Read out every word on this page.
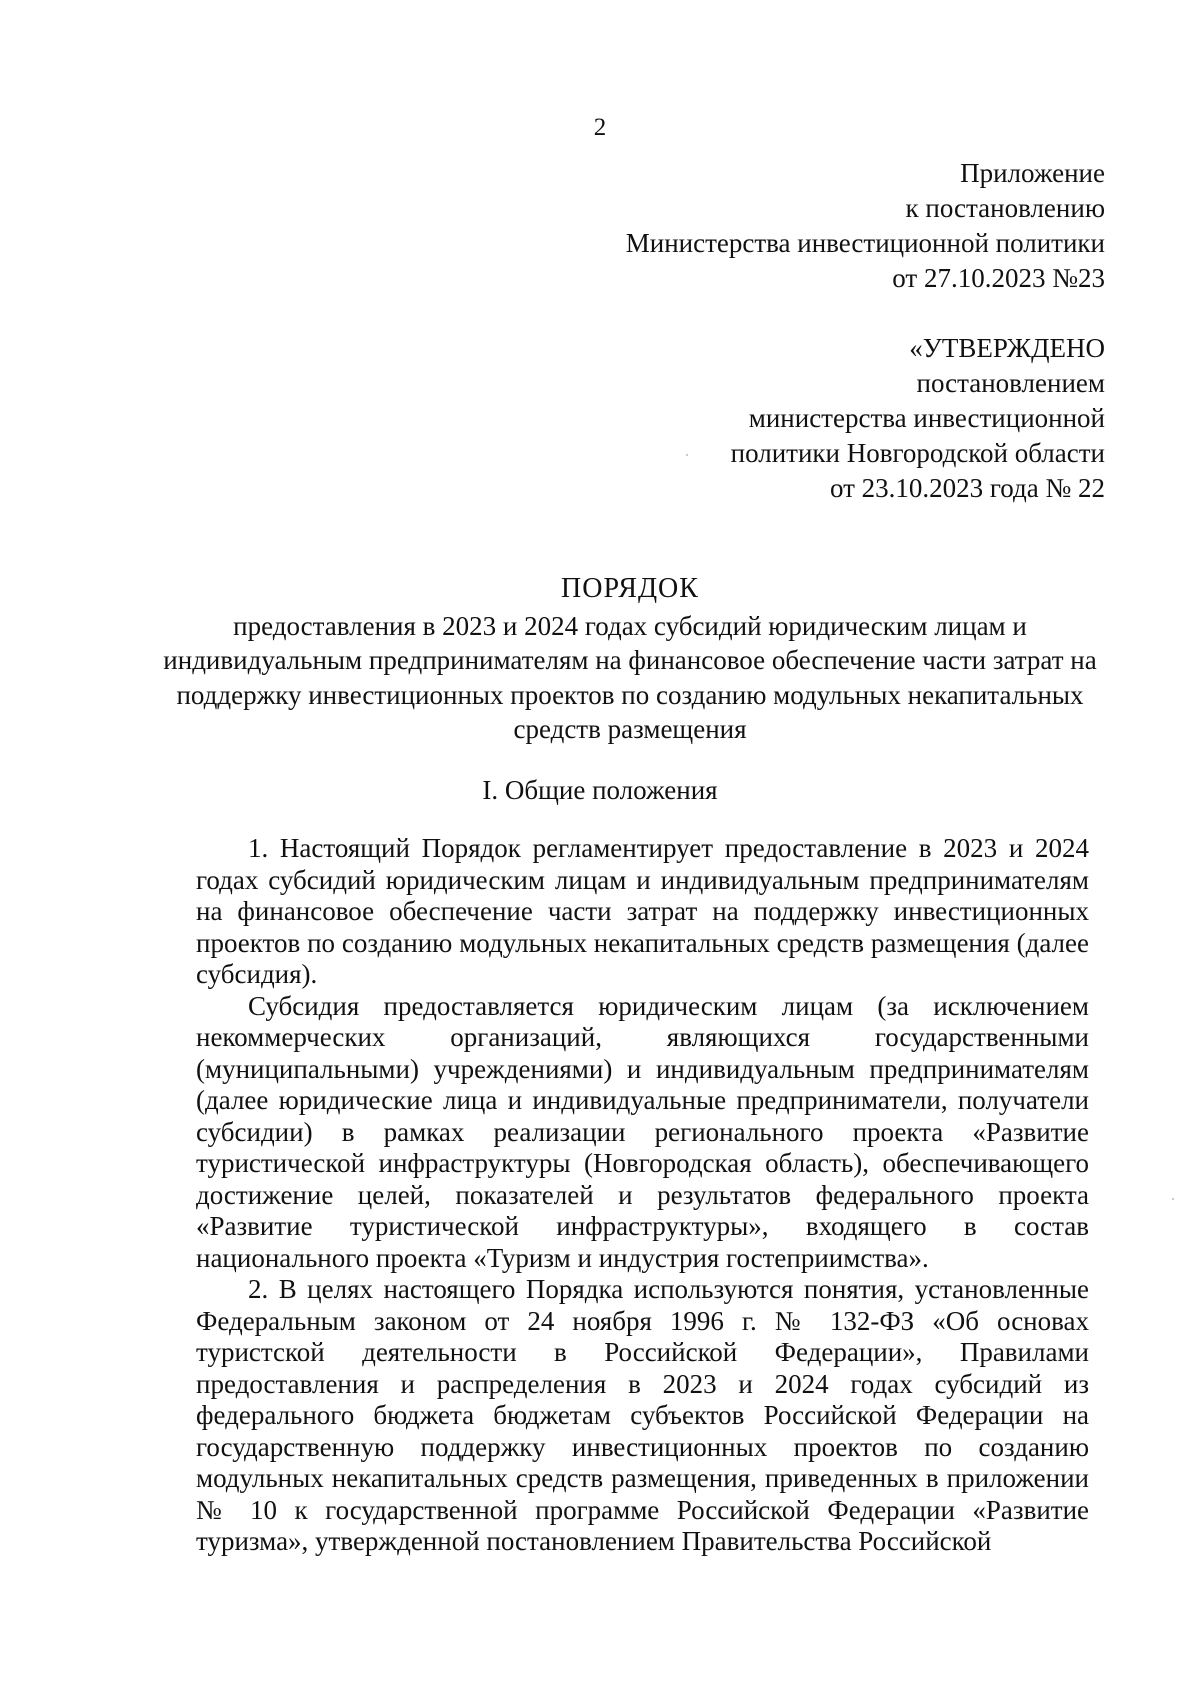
2
Приложение
к постановлению
Министерства инвестиционной политики
от 27.10.2023 №23
«УТВЕРЖДЕНО
постановлением
министерства инвестиционной
политики Новгородской области
от 23.10.2023 года № 22
ПОРЯДОК
предоставления в 2023 и 2024 годах субсидий юридическим лицам и индивидуальным предпринимателям на финансовое обеспечение части затрат на поддержку инвестиционных проектов по созданию модульных некапитальных средств размещения
I. Общие положения

1. Настоящий Порядок регламентирует предоставление в 2023 и 2024 годах субсидий юридическим лицам и индивидуальным предпринимателям на финансовое обеспечение части затрат на поддержку инвестиционных проектов по созданию модульных некапитальных средств размещения (далее субсидия).

Субсидия предоставляется юридическим лицам (за исключением некоммерческих организаций, являющихся государственными (муниципальными) учреждениями) и индивидуальным предпринимателям (далее юридические лица и индивидуальные предприниматели, получатели субсидии) в рамках реализации регионального проекта «Развитие туристической инфраструктуры (Новгородская область), обеспечивающего достижение целей, показателей и результатов федерального проекта «Развитие туристической инфраструктуры», входящего в состав национального проекта «Туризм и индустрия гостеприимства».

2. В целях настоящего Порядка используются понятия, установленные Федеральным законом от 24 ноября 1996 г. № 132-ФЗ «Об основах туристской деятельности в Российской Федерации», Правилами предоставления и распределения в 2023 и 2024 годах субсидий из федерального бюджета бюджетам субъектов Российской Федерации на государственную поддержку инвестиционных проектов по созданию модульных некапитальных средств размещения, приведенных в приложении № 10 к государственной программе Российской Федерации «Развитие туризма», утвержденной постановлением Правительства Российской
